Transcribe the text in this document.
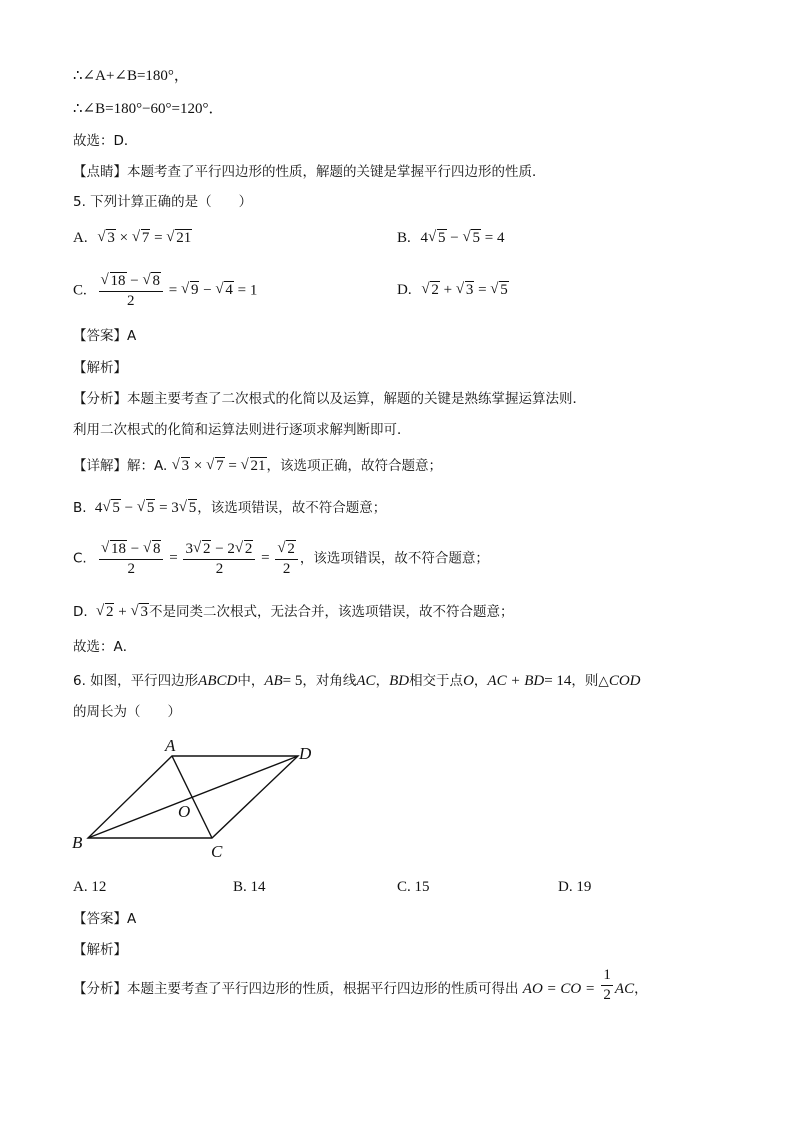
∴∠A+∠B=180°，
∴∠B=180°−60°=120°．
故选：D．
【点睛】本题考查了平行四边形的性质，解题的关键是掌握平行四边形的性质．
5. 下列计算正确的是（　　）
A. √ 3 × √ 7 = √ 21	B. 4 √ 5 − √ 5 = 4
C. √ $\frac{18 - √ 8}{2}$ = √ 9 − √ 4 = 1	D. √ 2 + √ 3 = √ 5
【答案】A
【解析】
【分析】本题主要考查了二次根式的化简以及运算，解题的关键是熟练掌握运算法则．
利用二次根式的化简和运算法则进行逐项求解判断即可．
【详解】解：A. √ 3 × √ 7 = √ 21，该选项正确，故符合题意；
B. 4 √ 5 − √ 5 = 3 √ 5，该选项错误，故不符合题意；
C. √ $\frac{18 - √ 8}{2} = \frac{3 √ 2 - 2 √ 2}{2}$ = √ $\frac{2}{2}$ ，该选项错误，故不符合题意；
D. √ 2 + √ 3不是同类二次根式，无法合并，该选项错误，故不符合题意；
故选：A．
6. 如图，平行四边形ABCD中，AB= 5，对角线AC，BD相交于点O，AC + BD= 14，则△COD
的周长为（　　）
A	D
O
B	C
A. 12	B. 14	C. 15	D. 19
【答案】A
【解析】
【分析】本题主要考查了平行四边形的性质，根据平行四边形的性质可得出 AO = CO = $\frac{1}{2}$ AC，
